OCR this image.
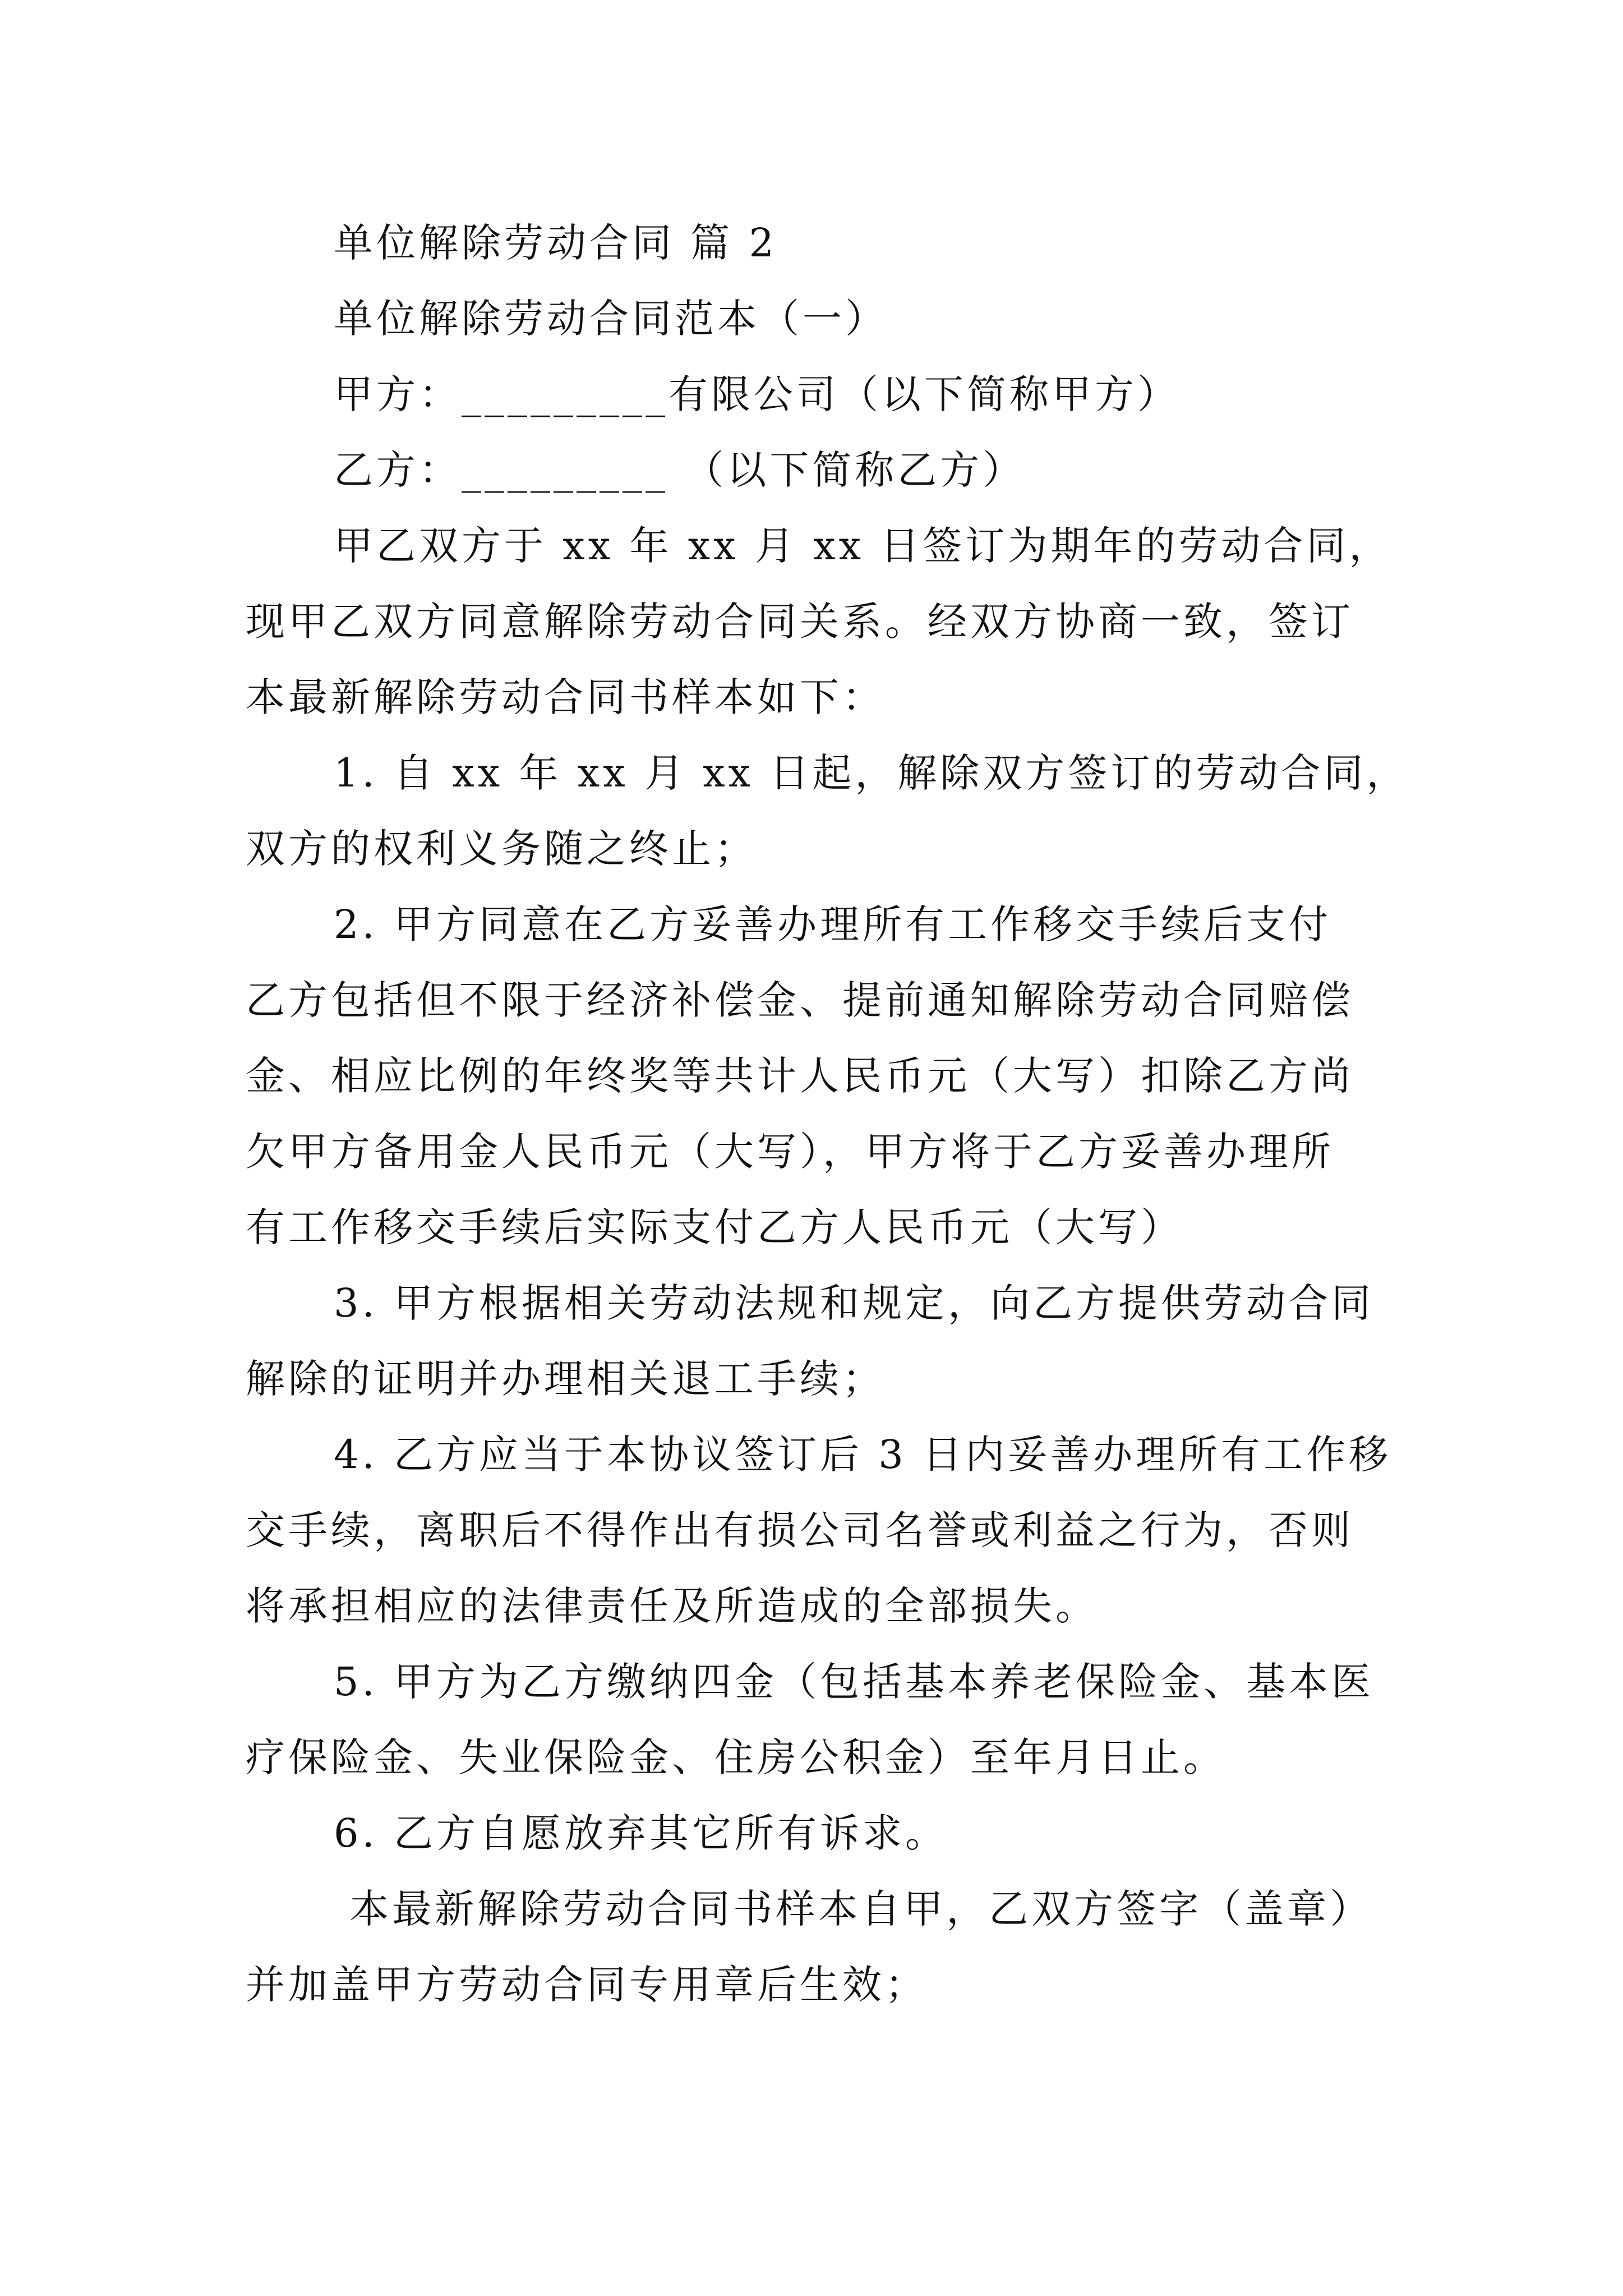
单位解除劳动合同 篇 2
单位解除劳动合同范本（一）
甲方：_________有限公司（以下简称甲方）
乙方：_________ （以下简称乙方）
甲乙双方于 xx 年 xx 月 xx 日签订为期年的劳动合同，
现甲乙双方同意解除劳动合同关系。经双方协商一致，签订
本最新解除劳动合同书样本如下：
1. 自 xx 年 xx 月 xx 日起，解除双方签订的劳动合同，
双方的权利义务随之终止；
2. 甲方同意在乙方妥善办理所有工作移交手续后支付
乙方包括但不限于经济补偿金、提前通知解除劳动合同赔偿
金、相应比例的年终奖等共计人民币元（大写）扣除乙方尚
欠甲方备用金人民币元（大写），甲方将于乙方妥善办理所
有工作移交手续后实际支付乙方人民币元（大写）
3. 甲方根据相关劳动法规和规定，向乙方提供劳动合同
解除的证明并办理相关退工手续；
4. 乙方应当于本协议签订后 3 日内妥善办理所有工作移
交手续，离职后不得作出有损公司名誉或利益之行为，否则
将承担相应的法律责任及所造成的全部损失。
5. 甲方为乙方缴纳四金（包括基本养老保险金、基本医
疗保险金、失业保险金、住房公积金）至年月日止。
6. 乙方自愿放弃其它所有诉求。
本最新解除劳动合同书样本自甲，乙双方签字（盖章）
并加盖甲方劳动合同专用章后生效；
